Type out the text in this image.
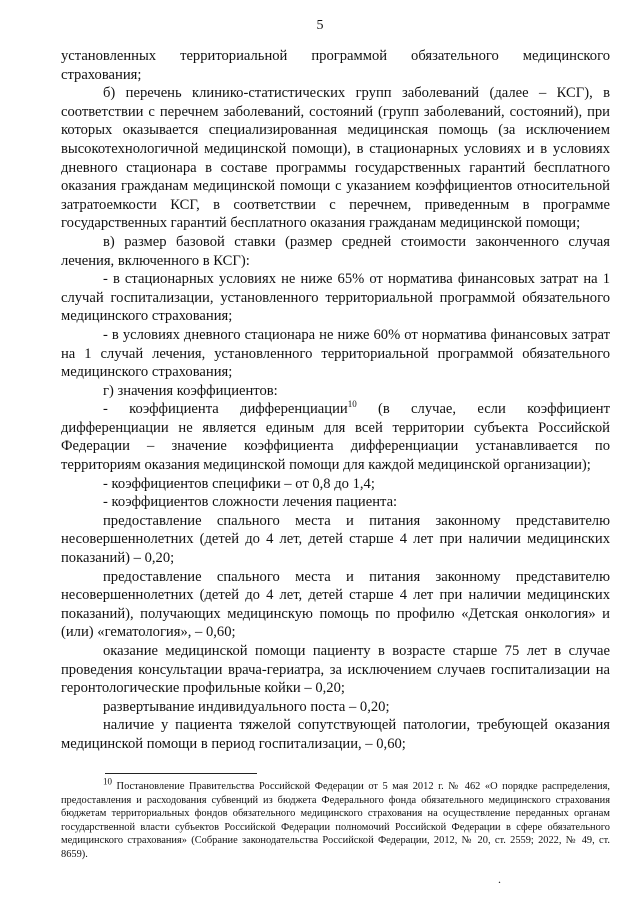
5

установленных территориальной программой обязательного медицинского страхования;

б) перечень клинико-статистических групп заболеваний (далее – КСГ), в соответствии с перечнем заболеваний, состояний (групп заболеваний, состояний), при которых оказывается специализированная медицинская помощь (за исключением высокотехнологичной медицинской помощи), в стационарных условиях и в условиях дневного стационара в составе программы государственных гарантий бесплатного оказания гражданам медицинской помощи с указанием коэффициентов относительной затратоемкости КСГ, в соответствии с перечнем, приведенным в программе государственных гарантий бесплатного оказания гражданам медицинской помощи;

в) размер базовой ставки (размер средней стоимости законченного случая лечения, включенного в КСГ):

- в стационарных условиях не ниже 65% от норматива финансовых затрат на 1 случай госпитализации, установленного территориальной программой обязательного медицинского страхования;

- в условиях дневного стационара не ниже 60% от норматива финансовых затрат на 1 случай лечения, установленного территориальной программой обязательного медицинского страхования;

г) значения коэффициентов:

- коэффициента дифференциации$^{10}$ (в случае, если коэффициент дифференциации не является единым для всей территории субъекта Российской Федерации – значение коэффициента дифференциации устанавливается по территориям оказания медицинской помощи для каждой медицинской организации);

- коэффициентов специфики – от 0,8 до 1,4;

- коэффициентов сложности лечения пациента:

предоставление спального места и питания законному представителю несовершеннолетних (детей до 4 лет, детей старше 4 лет при наличии медицинских показаний) – 0,20;

предоставление спального места и питания законному представителю несовершеннолетних (детей до 4 лет, детей старше 4 лет при наличии медицинских показаний), получающих медицинскую помощь по профилю «Детская онкология» и (или) «гематология», – 0,60;

оказание медицинской помощи пациенту в возрасте старше 75 лет в случае проведения консультации врача-гериатра, за исключением случаев госпитализации на геронтологические профильные койки – 0,20;

развертывание индивидуального поста – 0,20;

наличие у пациента тяжелой сопутствующей патологии, требующей оказания медицинской помощи в период госпитализации, – 0,60;

$^{10}$ Постановление Правительства Российской Федерации от 5 мая 2012 г. № 462 «О порядке распределения, предоставления и расходования субвенций из бюджета Федерального фонда обязательного медицинского страхования бюджетам территориальных фондов обязательного медицинского страхования на осуществление переданных органам государственной власти субъектов Российской Федерации полномочий Российской Федерации в сфере обязательного медицинского страхования» (Собрание законодательства Российской Федерации, 2012, № 20, ст. 2559; 2022, № 49, ст. 8659).
.
